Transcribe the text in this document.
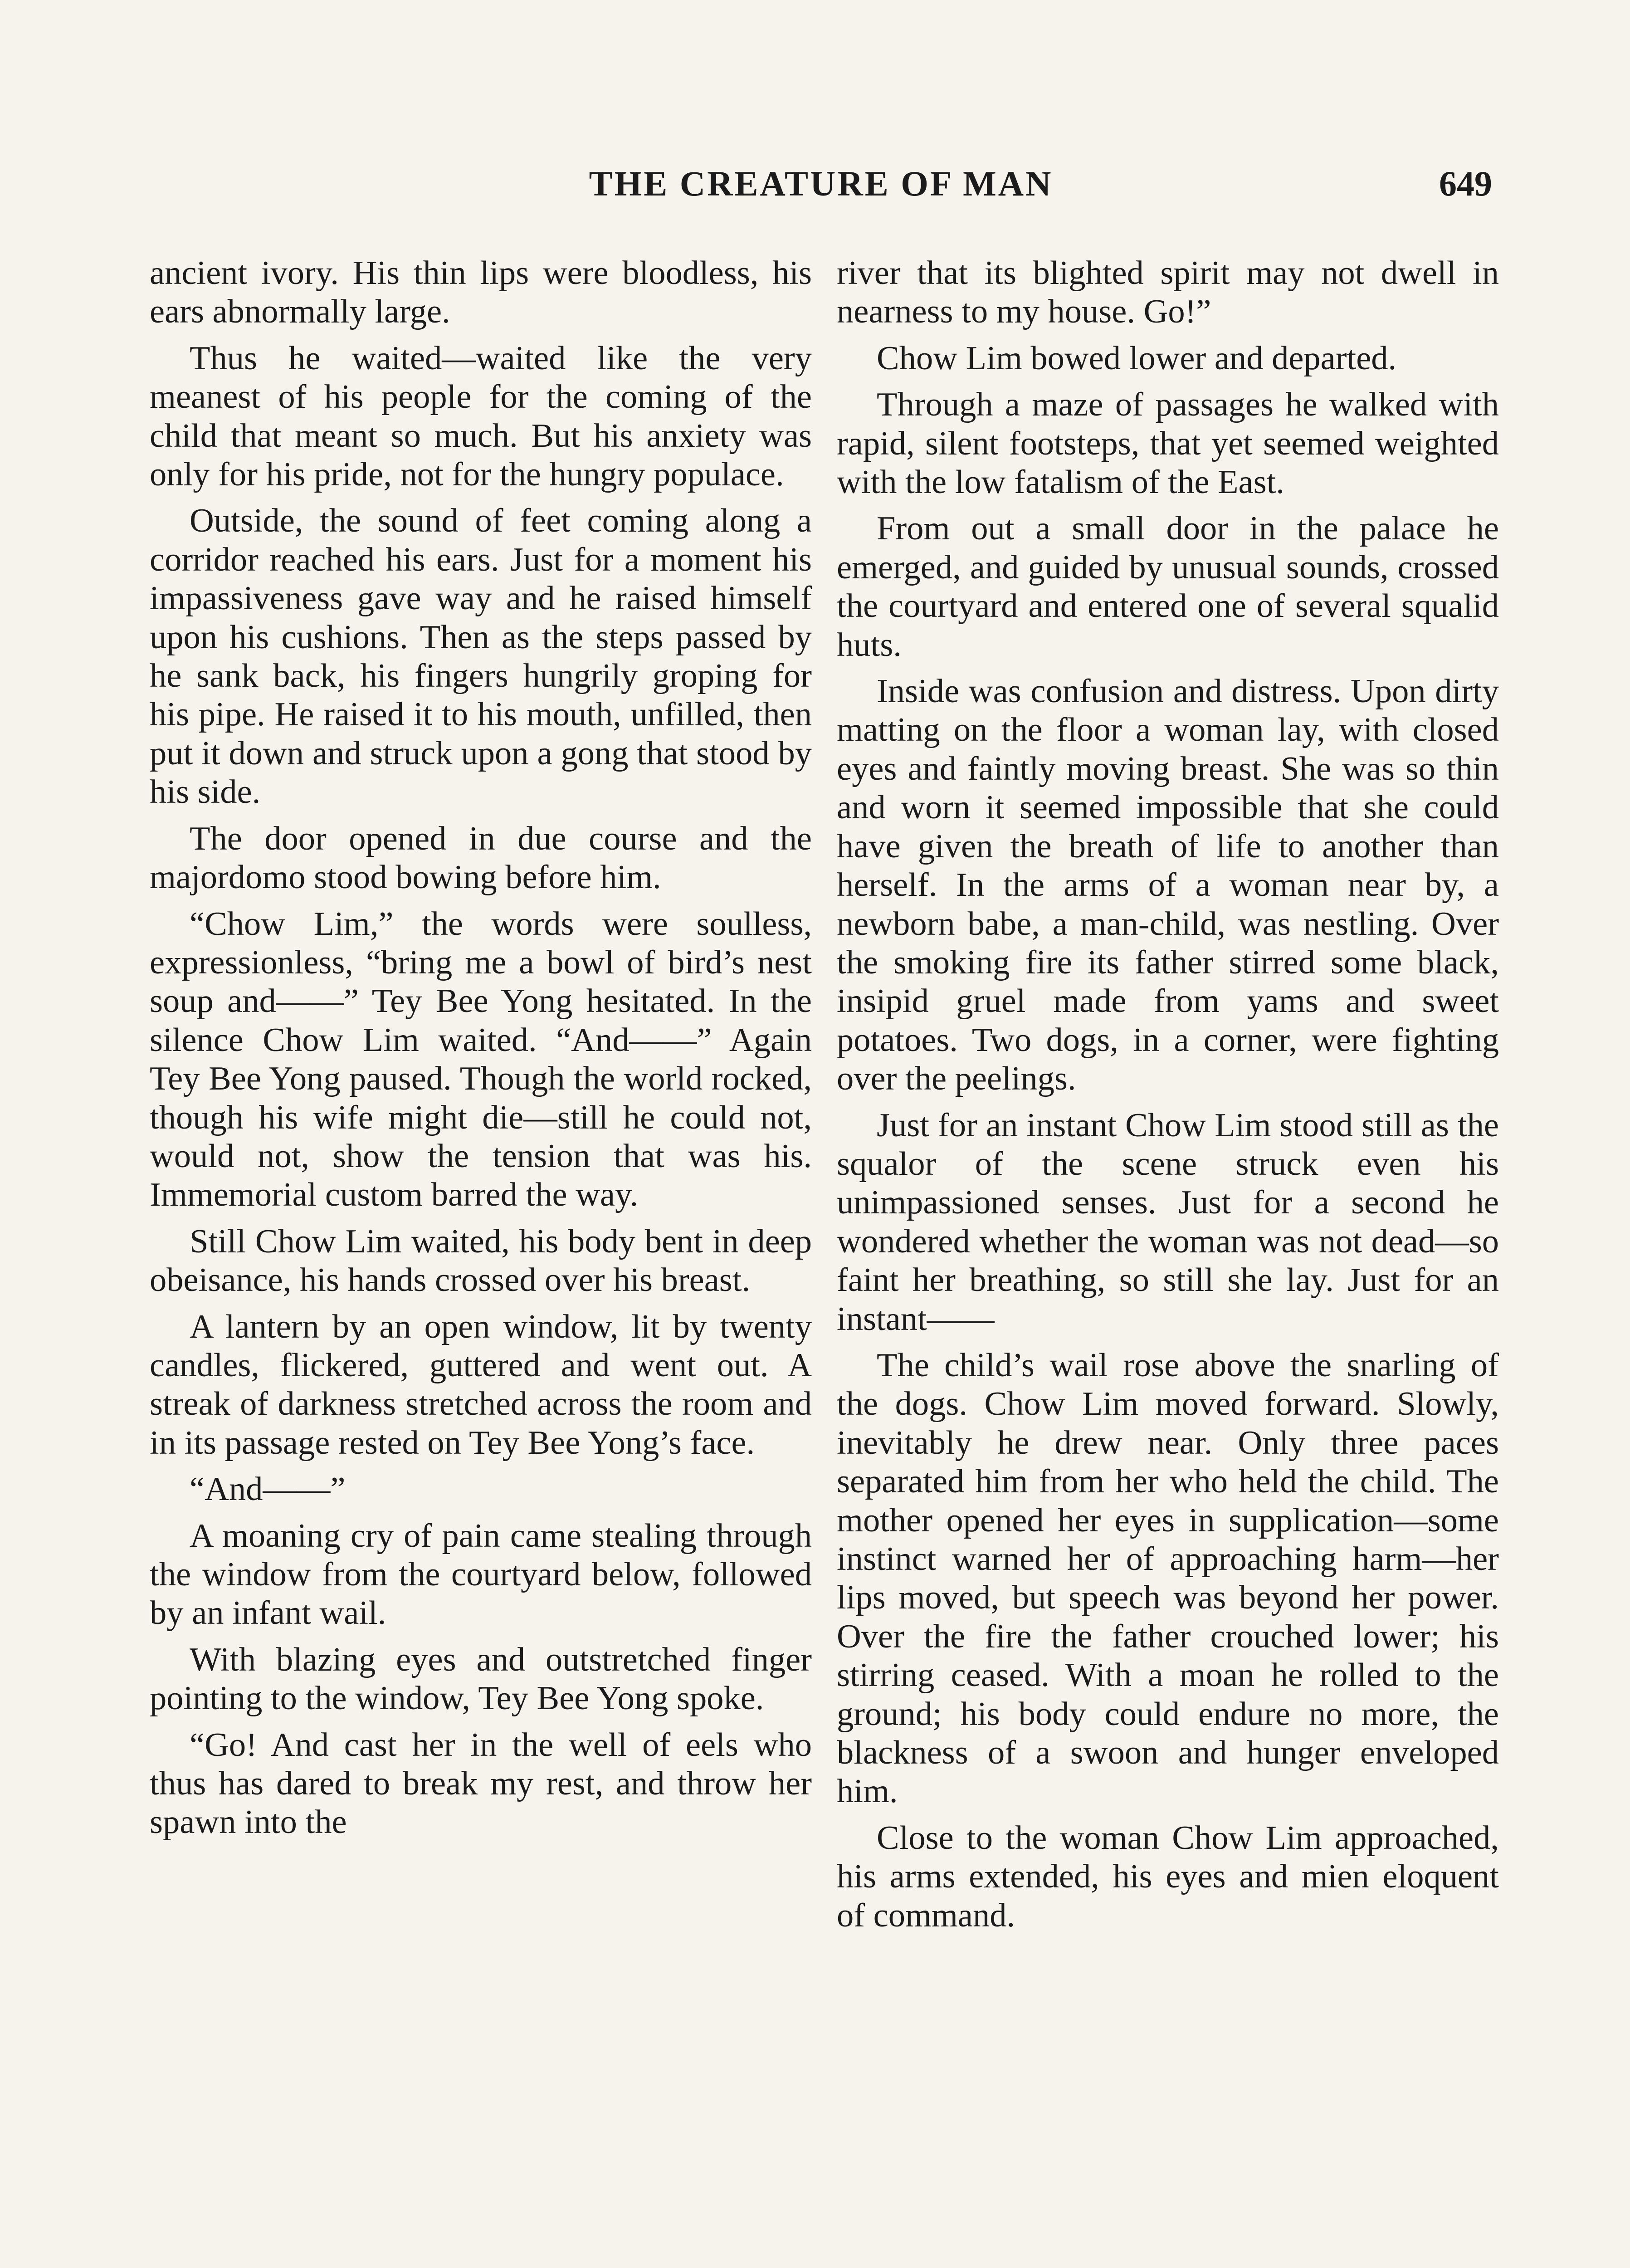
THE CREATURE OF MAN	649

ancient ivory. His thin lips were bloodless, his ears abnormally large.

Thus he waited—waited like the very meanest of his people for the coming of the child that meant so much. But his anxiety was only for his pride, not for the hungry populace.

Outside, the sound of feet coming along a corridor reached his ears. Just for a moment his impassiveness gave way and he raised himself upon his cushions. Then as the steps passed by he sank back, his fingers hungrily groping for his pipe. He raised it to his mouth, unfilled, then put it down and struck upon a gong that stood by his side.

The door opened in due course and the majordomo stood bowing before him.

“Chow Lim,” the words were soulless, expressionless, “bring me a bowl of bird’s nest soup and——” Tey Bee Yong hesitated. In the silence Chow Lim waited. “And——” Again Tey Bee Yong paused. Though the world rocked, though his wife might die—still he could not, would not, show the tension that was his. Immemorial custom barred the way.

Still Chow Lim waited, his body bent in deep obeisance, his hands crossed over his breast.

A lantern by an open window, lit by twenty candles, flickered, guttered and went out. A streak of darkness stretched across the room and in its passage rested on Tey Bee Yong’s face.

“And——”

A moaning cry of pain came stealing through the window from the courtyard below, followed by an infant wail.

With blazing eyes and outstretched finger pointing to the window, Tey Bee Yong spoke.

“Go! And cast her in the well of eels who thus has dared to break my rest, and throw her spawn into the

river that its blighted spirit may not dwell in nearness to my house. Go!”

Chow Lim bowed lower and departed.

Through a maze of passages he walked with rapid, silent footsteps, that yet seemed weighted with the low fatalism of the East.

From out a small door in the palace he emerged, and guided by unusual sounds, crossed the courtyard and entered one of several squalid huts.

Inside was confusion and distress. Upon dirty matting on the floor a woman lay, with closed eyes and faintly moving breast. She was so thin and worn it seemed impossible that she could have given the breath of life to another than herself. In the arms of a woman near by, a newborn babe, a man-child, was nestling. Over the smoking fire its father stirred some black, insipid gruel made from yams and sweet potatoes. Two dogs, in a corner, were fighting over the peelings.

Just for an instant Chow Lim stood still as the squalor of the scene struck even his unimpassioned senses. Just for a second he wondered whether the woman was not dead—so faint her breathing, so still she lay. Just for an instant——

The child’s wail rose above the snarling of the dogs. Chow Lim moved forward. Slowly, inevitably he drew near. Only three paces separated him from her who held the child. The mother opened her eyes in supplication—some instinct warned her of approaching harm—her lips moved, but speech was beyond her power. Over the fire the father crouched lower; his stirring ceased. With a moan he rolled to the ground; his body could endure no more, the blackness of a swoon and hunger enveloped him.

Close to the woman Chow Lim approached, his arms extended, his eyes and mien eloquent of command.
